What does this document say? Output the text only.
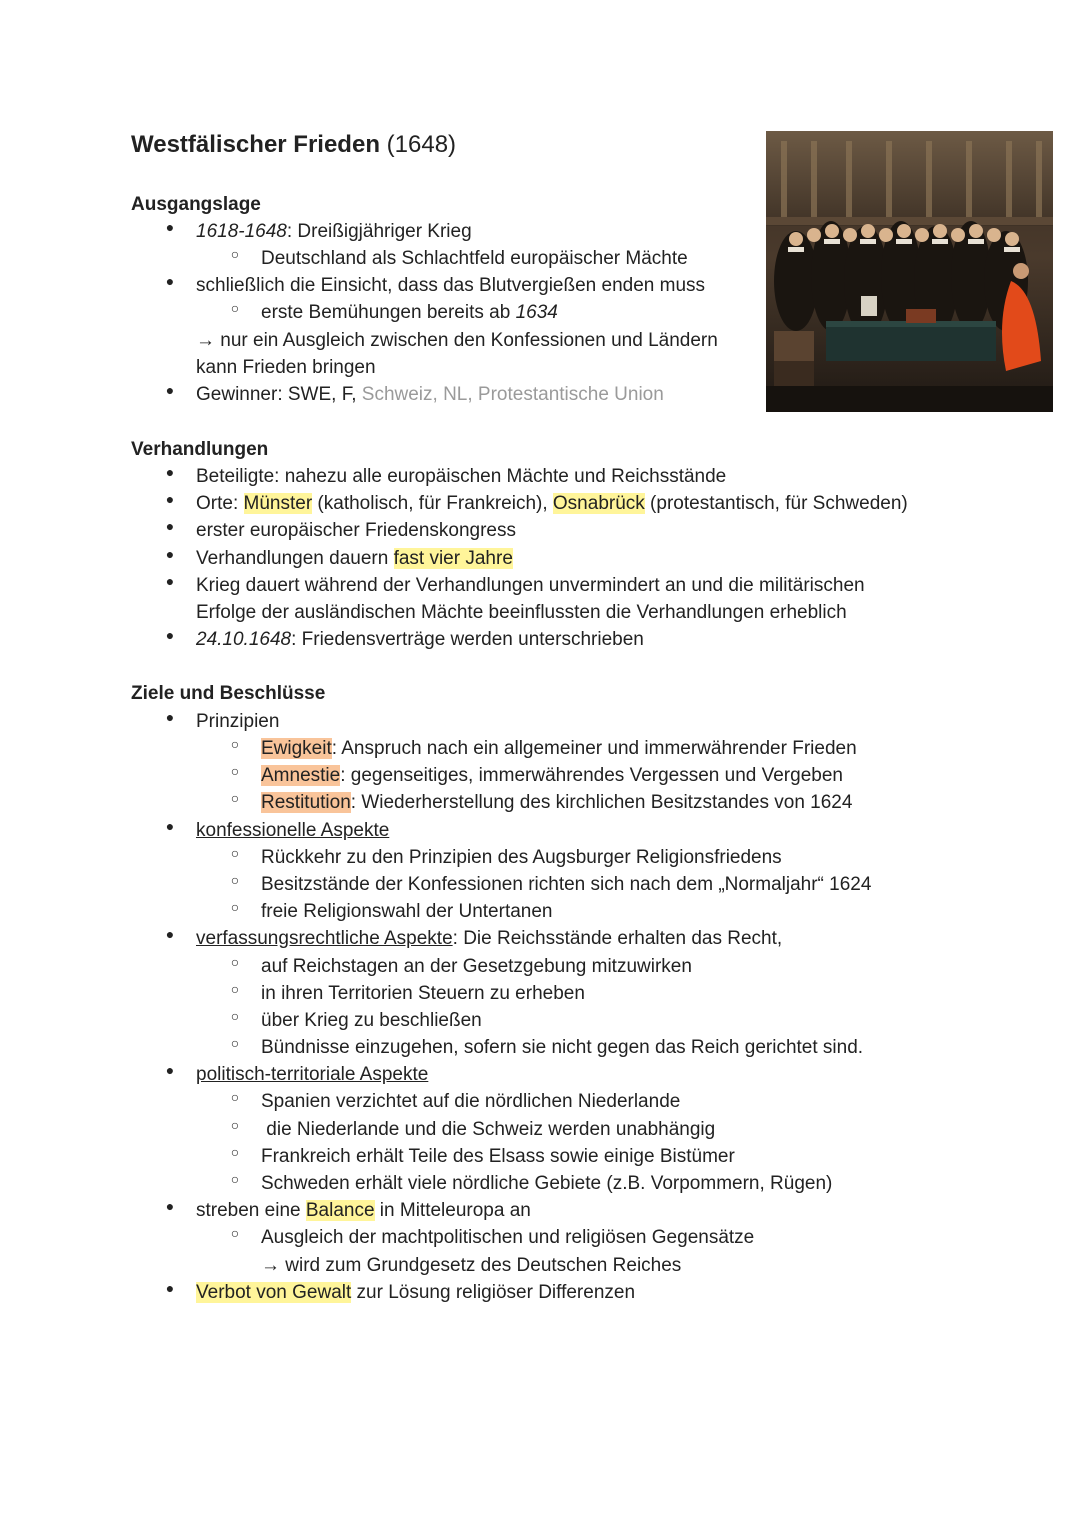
Westfälischer Frieden (1648)
Ausgangslage
● 1618-1648: Dreißigjähriger Krieg
○ Deutschland als Schlachtfeld europäischer Mächte
● schließlich die Einsicht, dass das Blutvergießen enden muss
○ erste Bemühungen bereits ab 1634
→ nur ein Ausgleich zwischen den Konfessionen und Ländern
kann Frieden bringen
● Gewinner: SWE, F, Schweiz, NL, Protestantische Union
Verhandlungen
● Beteiligte: nahezu alle europäischen Mächte und Reichsstände
● Orte: Münster (katholisch, für Frankreich), Osnabrück (protestantisch, für Schweden)
● erster europäischer Friedenskongress
● Verhandlungen dauern fast vier Jahre
● Krieg dauert während der Verhandlungen unvermindert an und die militärischen
Erfolge der ausländischen Mächte beeinflussten die Verhandlungen erheblich
● 24.10.1648: Friedensverträge werden unterschrieben
Ziele und Beschlüsse
● Prinzipien
○ Ewigkeit: Anspruch nach ein allgemeiner und immerwährender Frieden
○ Amnestie: gegenseitiges, immerwährendes Vergessen und Vergeben
○ Restitution: Wiederherstellung des kirchlichen Besitzstandes von 1624
● konfessionelle Aspekte
○ Rückkehr zu den Prinzipien des Augsburger Religionsfriedens
○ Besitzstände der Konfessionen richten sich nach dem „Normaljahr“ 1624
○ freie Religionswahl der Untertanen
● verfassungsrechtliche Aspekte: Die Reichsstände erhalten das Recht,
○ auf Reichstagen an der Gesetzgebung mitzuwirken
○ in ihren Territorien Steuern zu erheben
○ über Krieg zu beschließen
○ Bündnisse einzugehen, sofern sie nicht gegen das Reich gerichtet sind.
● politisch-territoriale Aspekte
○ Spanien verzichtet auf die nördlichen Niederlande
○ die Niederlande und die Schweiz werden unabhängig
○ Frankreich erhält Teile des Elsass sowie einige Bistümer
○ Schweden erhält viele nördliche Gebiete (z.B. Vorpommern, Rügen)
● streben eine Balance in Mitteleuropa an
○ Ausgleich der machtpolitischen und religiösen Gegensätze
→ wird zum Grundgesetz des Deutschen Reiches
● Verbot von Gewalt zur Lösung religiöser Differenzen
